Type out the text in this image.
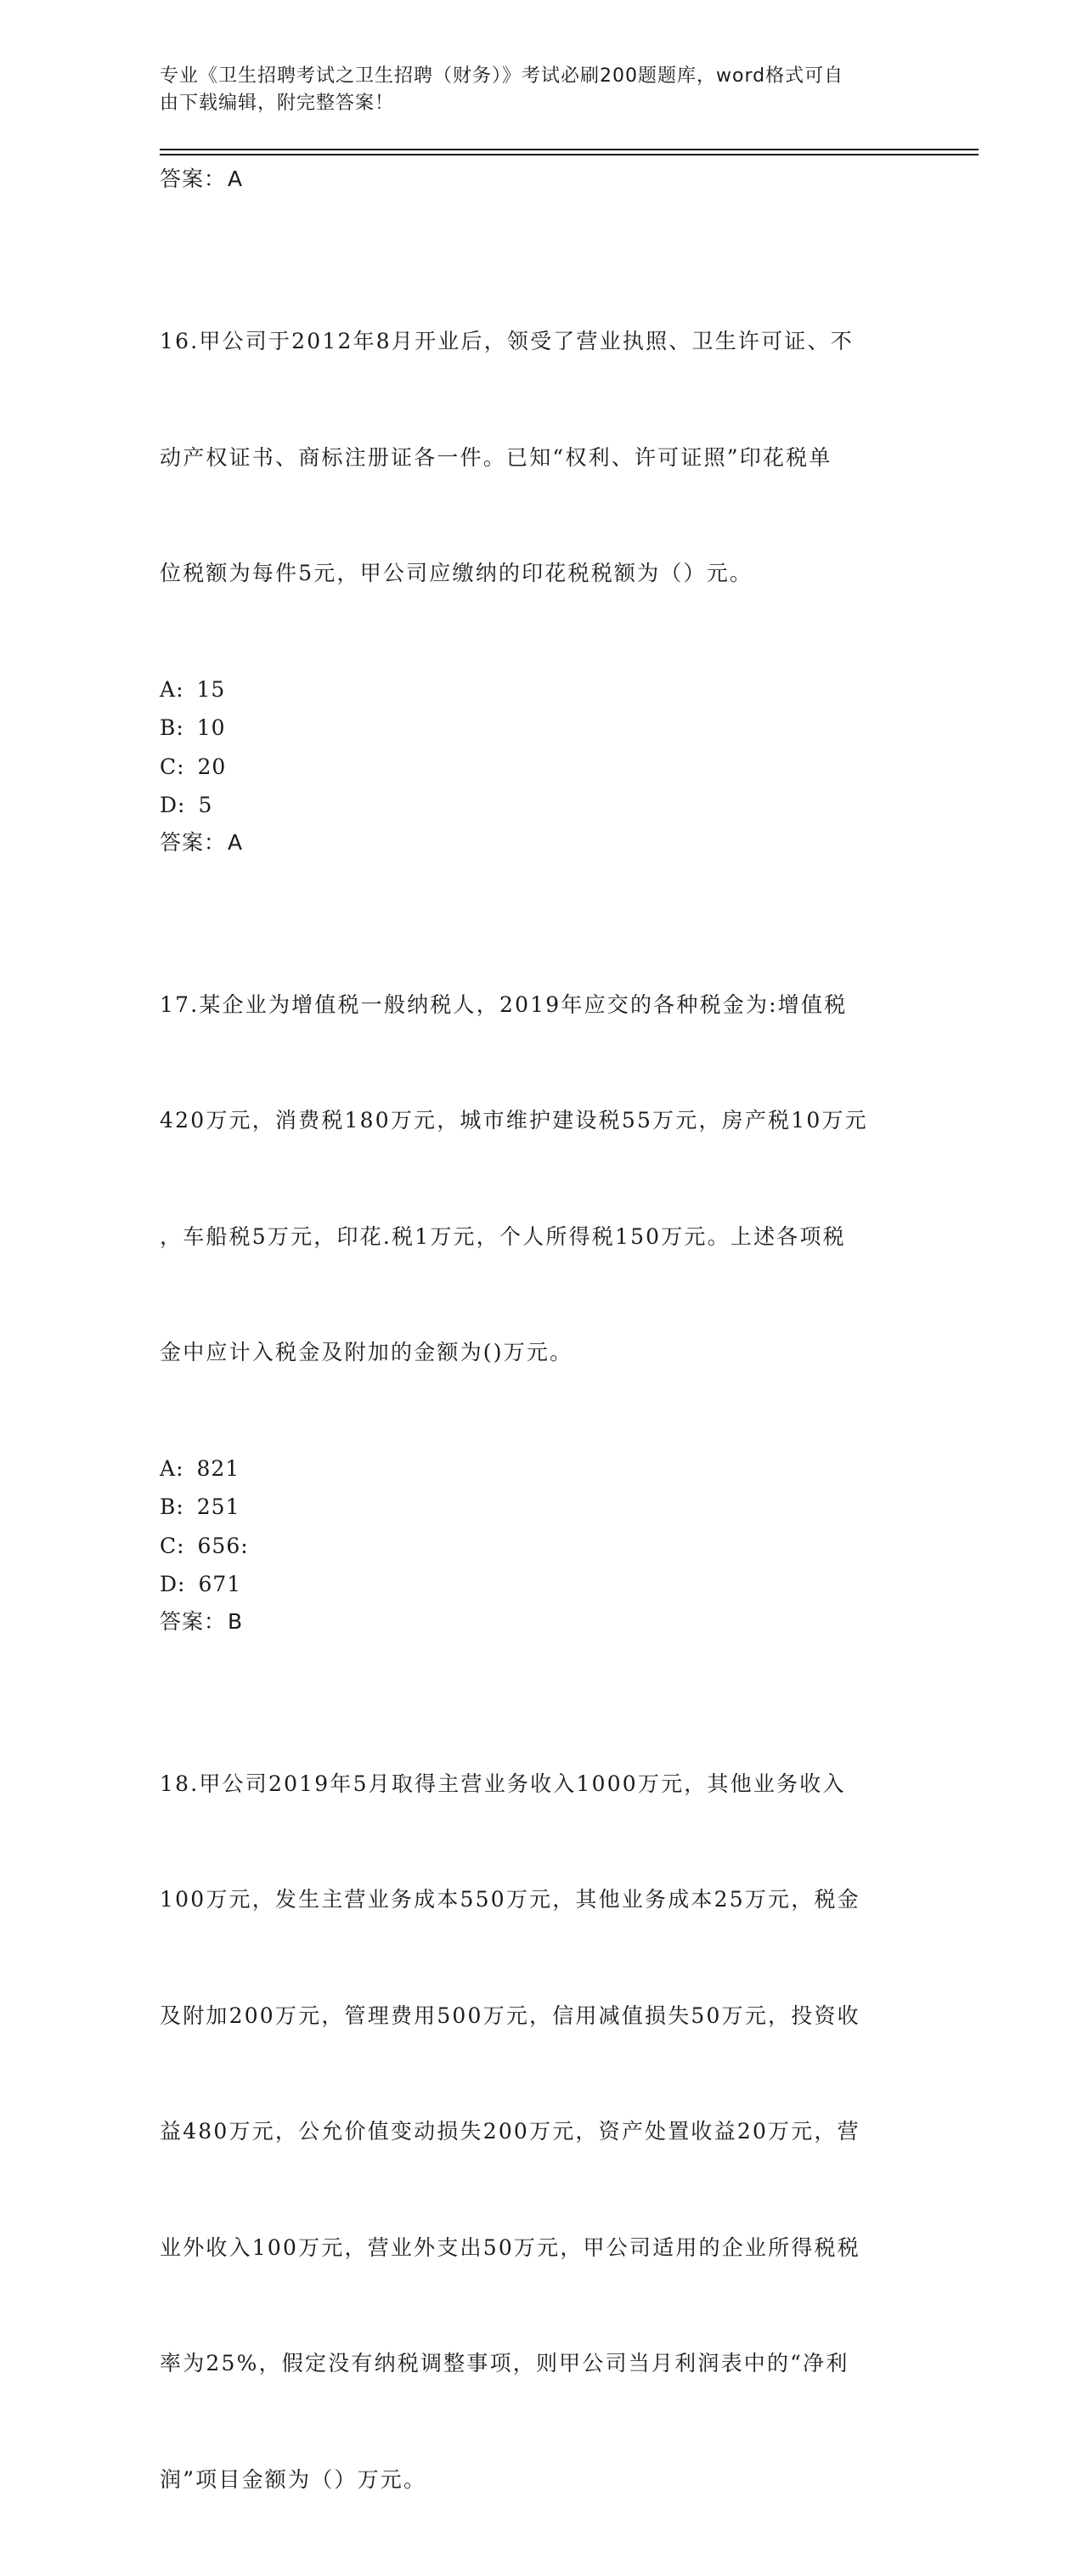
专业《卫生招聘考试之卫生招聘（财务）》考试必刷200题题库，word格式可自
由下载编辑，附完整答案！
答案：A

16.甲公司于2012年8月开业后，领受了营业执照、卫生许可证、不

动产权证书、商标注册证各一件。已知“权利、许可证照”印花税单

位税额为每件5元，甲公司应缴纳的印花税税额为（）元。

A: 15
B: 10
C: 20
D: 5
答案：A

17.某企业为增值税一般纳税人，2019年应交的各种税金为:增值税

420万元，消费税180万元，城市维护建设税55万元，房产税10万元

，车船税5万元，印花.税1万元，个人所得税150万元。上述各项税

金中应计入税金及附加的金额为()万元。

A: 821
B: 251
C: 656:
D: 671
答案：B

18.甲公司2019年5月取得主营业务收入1000万元，其他业务收入

100万元，发生主营业务成本550万元，其他业务成本25万元，税金

及附加200万元，管理费用500万元，信用减值损失50万元，投资收

益480万元，公允价值变动损失200万元，资产处置收益20万元，营

业外收入100万元，营业外支出50万元，甲公司适用的企业所得税税

率为25%，假定没有纳税调整事项，则甲公司当月利润表中的“净利

润”项目金额为（）万元。
